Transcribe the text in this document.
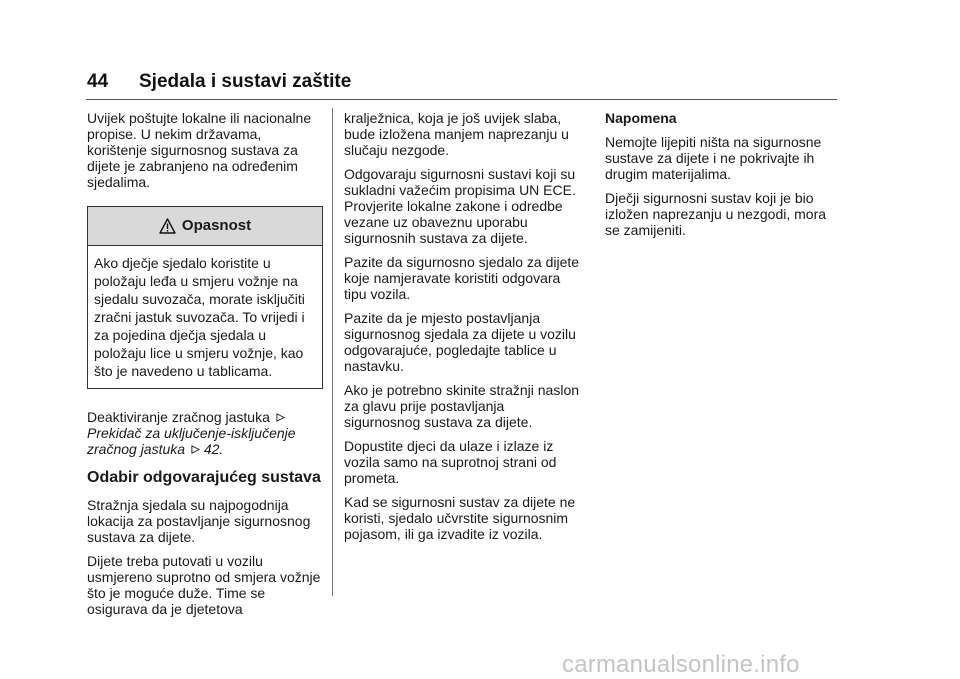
44 Sjedala i sustavi zaštite

Uvijek poštujte lokalne ili nacionalne propise. U nekim državama, korištenje sigurnosnog sustava za dijete je zabranjeno na određenim sjedalima.

Opasnost
Ako dječje sjedalo koristite u položaju leđa u smjeru vožnje na sjedalu suvozača, morate isključiti zračni jastuk suvozača. To vrijedi i za pojedina dječja sjedala u položaju lice u smjeru vožnje, kao što je navedeno u tablicama.

Deaktiviranje zračnog jastuka

Prekidač za uključenje-isključenje zračnog jastuka 42.

Odabir odgovarajućeg sustava

Stražnja sjedala su najpogodnija lokacija za postavljanje sigurnosnog sustava za dijete.

Dijete treba putovati u vozilu usmjereno suprotno od smjera vožnje što je moguće duže. Time se osigurava da je djetetova

kralježnica, koja je još uvijek slaba, bude izložena manjem naprezanju u slučaju nezgode.

Odgovaraju sigurnosni sustavi koji su sukladni važećim propisima UN ECE. Provjerite lokalne zakone i odredbe vezane uz obaveznu uporabu sigurnosnih sustava za dijete.

Pazite da sigurnosno sjedalo za dijete koje namjeravate koristiti odgovara tipu vozila.

Pazite da je mjesto postavljanja sigurnosnog sjedala za dijete u vozilu odgovarajuće, pogledajte tablice u nastavku.

Ako je potrebno skinite stražnji naslon za glavu prije postavljanja sigurnosnog sustava za dijete.

Dopustite djeci da ulaze i izlaze iz vozila samo na suprotnoj strani od prometa.

Kad se sigurnosni sustav za dijete ne koristi, sjedalo učvrstite sigurnosnim pojasom, ili ga izvadite iz vozila.

Napomena

Nemojte lijepiti ništa na sigurnosne sustave za dijete i ne pokrivajte ih drugim materijalima.

Dječji sigurnosni sustav koji je bio izložen naprezanju u nezgodi, mora se zamijeniti.

carmanualsonline.info
